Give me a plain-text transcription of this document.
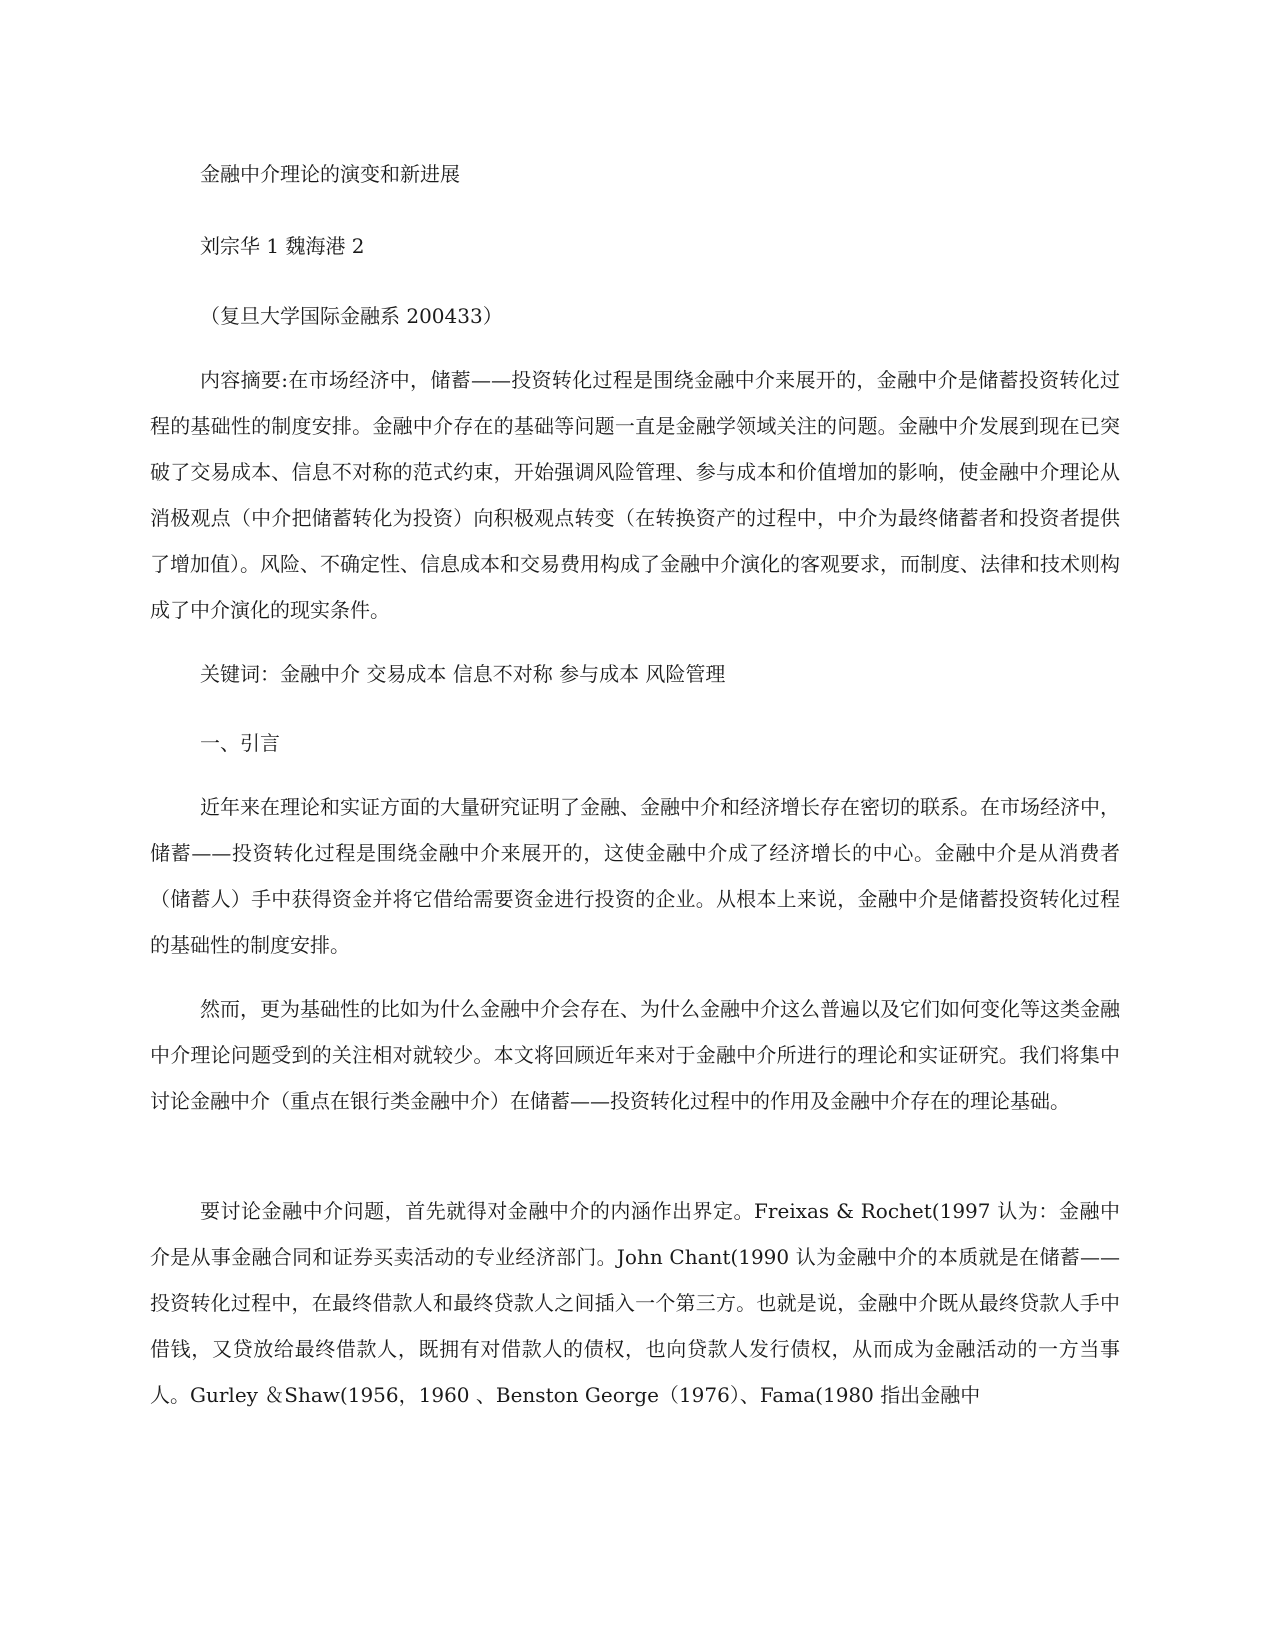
金融中介理论的演变和新进展
刘宗华 1 魏海港 2
（复旦大学国际金融系 200433）
内容摘要:在市场经济中，储蓄——投资转化过程是围绕金融中介来展开的，金融中介是储蓄投资转化过程的基础性的制度安排。金融中介存在的基础等问题一直是金融学领域关注的问题。金融中介发展到现在已突破了交易成本、信息不对称的范式约束，开始强调风险管理、参与成本和价值增加的影响，使金融中介理论从消极观点（中介把储蓄转化为投资）向积极观点转变（在转换资产的过程中，中介为最终储蓄者和投资者提供了增加值）。风险、不确定性、信息成本和交易费用构成了金融中介演化的客观要求，而制度、法律和技术则构成了中介演化的现实条件。
关键词：金融中介 交易成本 信息不对称 参与成本 风险管理
一、引言
近年来在理论和实证方面的大量研究证明了金融、金融中介和经济增长存在密切的联系。在市场经济中，储蓄——投资转化过程是围绕金融中介来展开的，这使金融中介成了经济增长的中心。金融中介是从消费者（储蓄人）手中获得资金并将它借给需要资金进行投资的企业。从根本上来说，金融中介是储蓄投资转化过程的基础性的制度安排。
然而，更为基础性的比如为什么金融中介会存在、为什么金融中介这么普遍以及它们如何变化等这类金融中介理论问题受到的关注相对就较少。本文将回顾近年来对于金融中介所进行的理论和实证研究。我们将集中讨论金融中介（重点在银行类金融中介）在储蓄——投资转化过程中的作用及金融中介存在的理论基础。
要讨论金融中介问题，首先就得对金融中介的内涵作出界定。Freixas & Rochet(1997 认为：金融中介是从事金融合同和证券买卖活动的专业经济部门。John Chant(1990 认为金融中介的本质就是在储蓄——投资转化过程中，在最终借款人和最终贷款人之间插入一个第三方。也就是说，金融中介既从最终贷款人手中借钱，又贷放给最终借款人，既拥有对借款人的债权，也向贷款人发行债权，从而成为金融活动的一方当事人。Gurley ＆Shaw(1956，1960 、Benston George（1976）、Fama(1980 指出金融中
